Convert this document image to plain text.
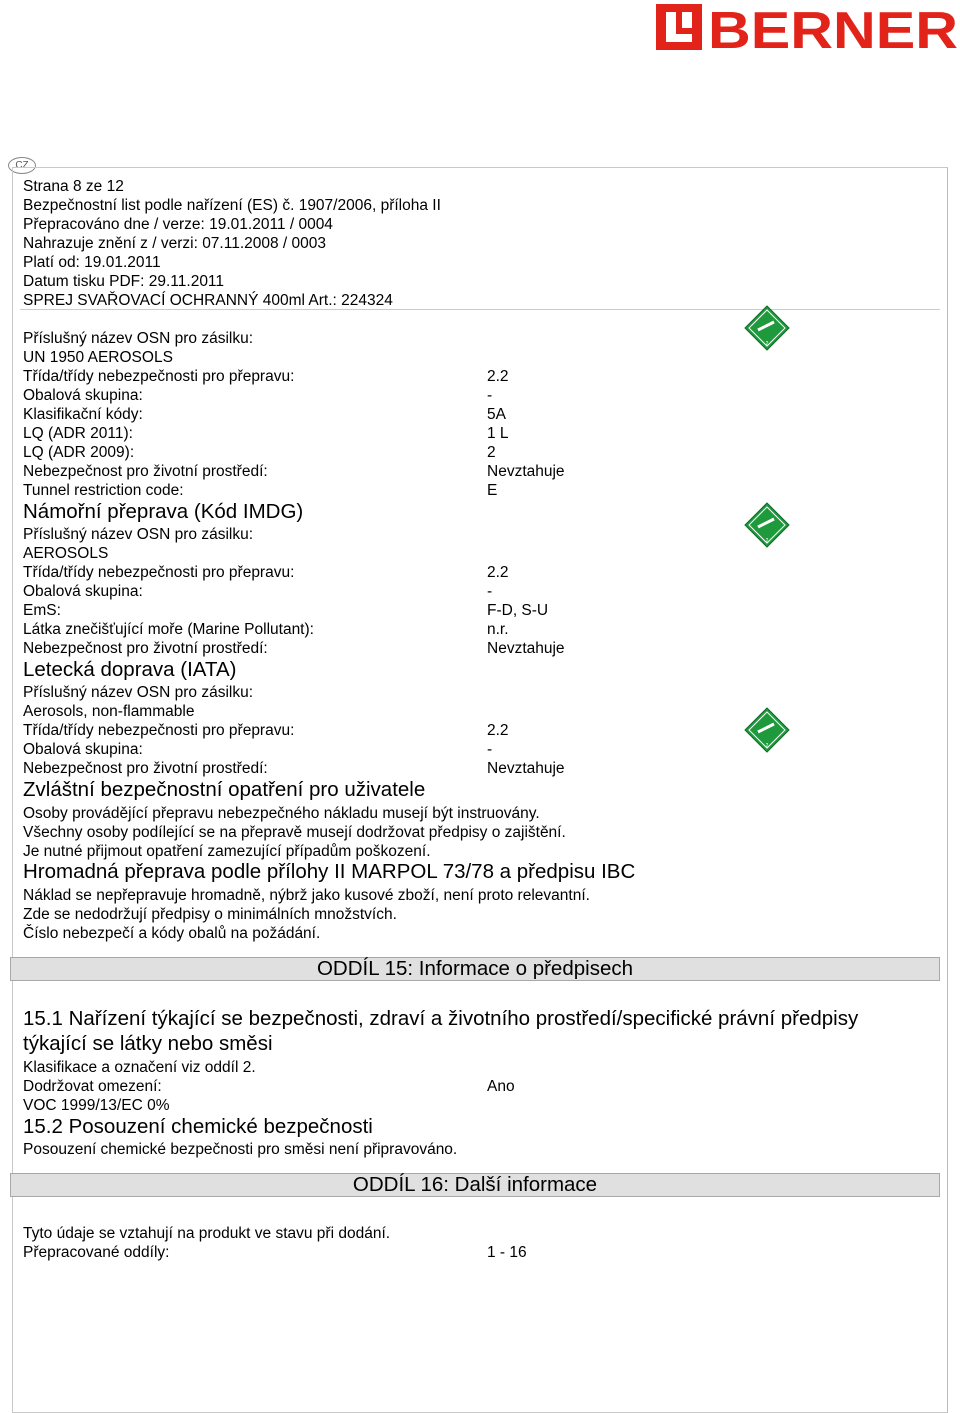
BERNER
CZ
Strana 8 ze 12
Bezpečnostní list podle nařízení (ES) č. 1907/2006, příloha II
Přepracováno dne / verze: 19.01.2011 / 0004
Nahrazuje znění z / verzi: 07.11.2008 / 0003
Platí od: 19.01.2011
Datum tisku PDF: 29.11.2011
SPREJ SVAŘOVACÍ OCHRANNÝ 400ml Art.: 224324
Příslušný název OSN pro zásilku:
UN 1950 AEROSOLS
Třída/třídy nebezpečnosti pro přepravu:	2.2
Obalová skupina:	-
Klasifikační kódy:	5A
LQ (ADR 2011):	1 L
LQ (ADR 2009):	2
Nebezpečnost pro životní prostředí:	Nevztahuje
Tunnel restriction code:	E
Námořní přeprava (Kód IMDG)
Příslušný název OSN pro zásilku:
AEROSOLS
Třída/třídy nebezpečnosti pro přepravu:	2.2
Obalová skupina:	-
EmS:	F-D, S-U
Látka znečišťující moře (Marine Pollutant):	n.r.
Nebezpečnost pro životní prostředí:	Nevztahuje
Letecká doprava (IATA)
Příslušný název OSN pro zásilku:
Aerosols, non-flammable
Třída/třídy nebezpečnosti pro přepravu:	2.2
Obalová skupina:	-
Nebezpečnost pro životní prostředí:	Nevztahuje
Zvláštní bezpečnostní opatření pro uživatele
Osoby provádějící přepravu nebezpečného nákladu musejí být instruovány.
Všechny osoby podílející se na přepravě musejí dodržovat předpisy o zajištění.
Je nutné přijmout opatření zamezující případům poškození.
Hromadná přeprava podle přílohy II MARPOL 73/78 a předpisu IBC
Náklad se nepřepravuje hromadně, nýbrž jako kusové zboží, není proto relevantní.
Zde se nedodržují předpisy o minimálních množstvích.
Číslo nebezpečí a kódy obalů na požádání.
ODDÍL 15: Informace o předpisech
15.1 Nařízení týkající se bezpečnosti, zdraví a životního prostředí/specifické právní předpisy
týkající se látky nebo směsi
Klasifikace a označení viz oddíl 2.
Dodržovat omezení:	Ano
VOC 1999/13/EC 0%
15.2 Posouzení chemické bezpečnosti
Posouzení chemické bezpečnosti pro směsi není připravováno.
ODDÍL 16: Další informace
Tyto údaje se vztahují na produkt ve stavu při dodání.
Přepracované oddíly:	1 - 16
2
2
2
